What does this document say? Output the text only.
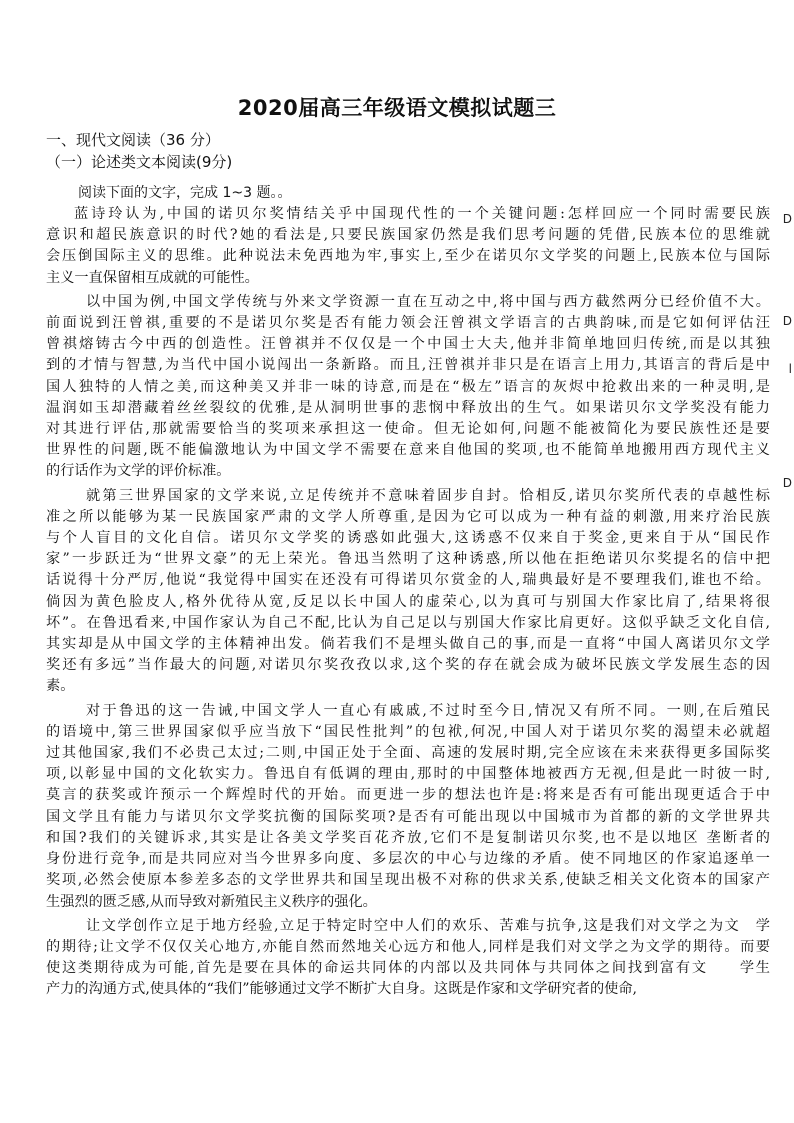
2020届高三年级语文模拟试题三
一、现代文阅读（36 分）
（一）论述类文本阅读(9分)
阅读下面的文字，完成 1~3 题。。
蓝诗玲认为,中国的诺贝尔奖情结关乎中国现代性的一个关键问题:怎样回应一个同时需要民族
意识和超民族意识的时代?她的看法是,只要民族国家仍然是我们思考问题的凭借,民族本位的思维就
会压倒国际主义的思维。此种说法未免西地为牢,事实上,至少在诺贝尔文学奖的问题上,民族本位与国际
主义一直保留相互成就的可能性。
以中国为例,中国文学传统与外来文学资源一直在互动之中,将中国与西方截然两分已经价值不大。
前面说到汪曾祺,重要的不是诺贝尔奖是否有能力领会汪曾祺文学语言的古典韵味,而是它如何评估汪
曾祺熔铸古今中西的创造性。汪曾祺并不仅仅是一个中国士大夫,他并非简单地回归传统,而是以其独
到的才情与智慧,为当代中国小说闯出一条新路。而且,汪曾祺并非只是在语言上用力,其语言的背后是中
国人独特的人情之美,而这种美又并非一味的诗意,而是在“极左”语言的灰烬中抢救出来的一种灵明,是
温润如玉却潜藏着丝丝裂纹的优雅,是从洞明世事的悲悯中释放出的生气。如果诺贝尔文学奖没有能力
对其进行评估,那就需要恰当的奖项来承担这一使命。但无论如何,问题不能被简化为要民族性还是要
世界性的问题,既不能偏激地认为中国文学不需要在意来自他国的奖项,也不能简单地搬用西方现代主义
的行话作为文学的评价标准。
就第三世界国家的文学来说,立足传统并不意味着固步自封。恰相反,诺贝尔奖所代表的卓越性标
准之所以能够为某一民族国家严肃的文学人所尊重,是因为它可以成为一种有益的刺激,用来疗治民族
与个人盲目的文化自信。诺贝尔文学奖的诱惑如此强大,这诱惑不仅来自于奖金,更来自于从“国民作
家”一步跃迁为“世界文豪”的无上荣光。鲁迅当然明了这种诱惑,所以他在拒绝诺贝尔奖提名的信中把
话说得十分严厉,他说“我觉得中国实在还没有可得诺贝尔赏金的人,瑞典最好是不要理我们,谁也不给。
倘因为黄色脸皮人,格外优待从宽,反足以长中国人的虚荣心,以为真可与别国大作家比肩了,结果将很
坏”。在鲁迅看来,中国作家认为自己不配,比认为自己足以与别国大作家比肩更好。这似乎缺乏文化自信,
其实却是从中国文学的主体精神出发。倘若我们不是埋头做自己的事,而是一直将“中国人离诺贝尔文学
奖还有多远”当作最大的问题,对诺贝尔奖孜孜以求,这个奖的存在就会成为破坏民族文学发展生态的因
素。
对于鲁迅的这一告诫,中国文学人一直心有戚戚,不过时至今日,情况又有所不同。一则,在后殖民
的语境中,第三世界国家似乎应当放下“国民性批判”的包袱,何况,中国人对于诺贝尔奖的渴望未必就超
过其他国家,我们不必贵己太过;二则,中国正处于全面、高速的发展时期,完全应该在未来获得更多国际奖
项,以彰显中国的文化软实力。鲁迅自有低调的理由,那时的中国整体地被西方无视,但是此一时彼一时,
莫言的获奖或许预示一个辉煌时代的开始。而更进一步的想法也许是:将来是否有可能出现更适合于中
国文学且有能力与诺贝尔文学奖抗衡的国际奖项?是否有可能出现以中国城市为首都的新的文学世界共
和国?我们的关键诉求,其实是让各美文学奖百花齐放,它们不是复制诺贝尔奖,也不是以地区 垄断者的
身份进行竞争,而是共同应对当今世界多向度、多层次的中心与边缘的矛盾。使不同地区的作家追逐单一
奖项,必然会使原本参差多态的文学世界共和国呈现出极不对称的供求关系,使缺乏相关文化资本的国家产
生强烈的匮乏感,从而导致对新殖民主义秩序的强化。
让文学创作立足于地方经验,立足于特定时空中人们的欢乐、苦难与抗争,这是我们对文学之为文　学
的期待;让文学不仅仅关心地方,亦能自然而然地关心远方和他人,同样是我们对文学之为文学的期待。而要
使这类期待成为可能,首先是要在具体的命运共同体的内部以及共同体与共同体之间找到富有文　　学生
产力的沟通方式,使具体的“我们”能够通过文学不断扩大自身。这既是作家和文学研究者的使命,
D
D
l
D
